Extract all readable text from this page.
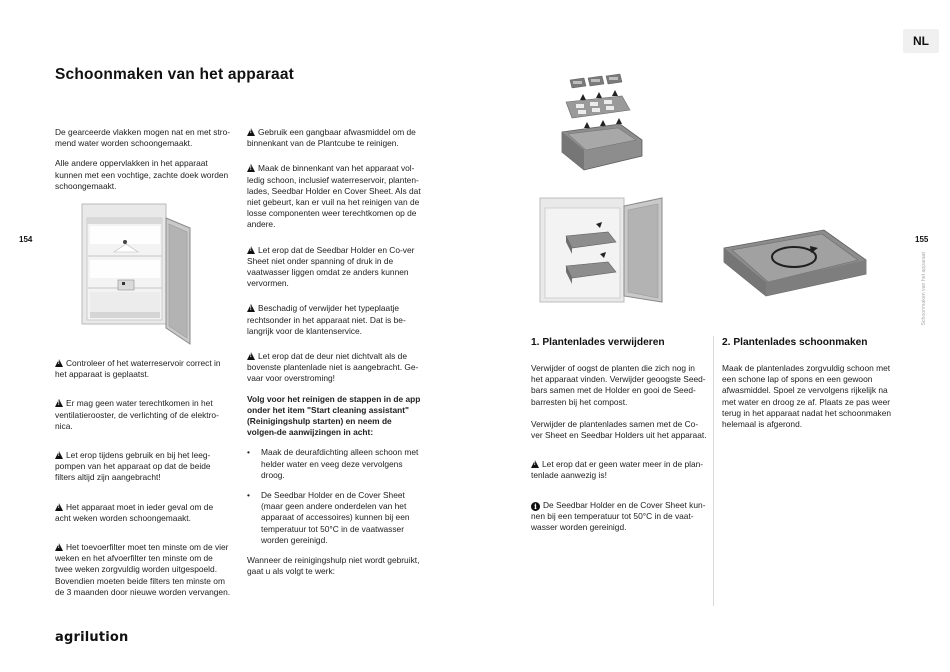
Schoonmaken van het apparaat
154

De gearceerde vlakken mogen nat en met stro-mend water worden schoongemaakt.

Alle andere oppervlakken in het apparaat kunnen met een vochtige, zachte doek worden schoongemaakt.

!Controleer of het waterreservoir correct in het apparaat is geplaatst.

!Er mag geen water terechtkomen in het ventilatierooster, de verlichting of de elektro-nica.

!Let erop tijdens gebruik en bij het leeg-pompen van het apparaat op dat de beide filters altijd zijn aangebracht!

!Het apparaat moet in ieder geval om de acht weken worden schoongemaakt.

!Het toevoerfilter moet ten minste om de vier weken en het afvoerfilter ten minste om de twee weken zorgvuldig worden uitgespoeld. Bovendien moeten beide filters ten minste om de 3 maanden door nieuwe worden vervangen.

!Gebruik een gangbaar afwasmiddel om de binnenkant van de Plantcube te reinigen.

!Maak de binnenkant van het apparaat vol-ledig schoon, inclusief waterreservoir, planten-lades, Seedbar Holder en Cover Sheet. Als dat niet gebeurt, kan er vuil na het reinigen van de losse componenten weer terechtkomen op de andere.

!Let erop dat de Seedbar Holder en Co-ver Sheet niet onder spanning of druk in de vaatwasser liggen omdat ze anders kunnen vervormen.

!Beschadig of verwijder het typeplaatje rechtsonder in het apparaat niet. Dat is be-langrijk voor de klantenservice.

!Let erop dat de deur niet dichtvalt als de bovenste plantenlade niet is aangebracht. Ge-vaar voor overstroming!

Volg voor het reinigen de stappen in de app onder het item "Start cleaning assistant" (Reinigingshulp starten) en neem de volgen-de aanwijzingen in acht:

• Maak de deurafdichting alleen schoon met helder water en veeg deze vervolgens droog.
• De Seedbar Holder en de Cover Sheet (maar geen andere onderdelen van het apparaat of accessoires) kunnen bij een temperatuur tot 50°C in de vaatwasser worden gereinigd.

Wanneer de reinigingshulp niet wordt gebruikt, gaat u als volgt te werk:

agrilution
NL
155
Schoonmaken van het apparaat
1. Plantenlades verwijderen

Verwijder of oogst de planten die zich nog in het apparaat vinden. Verwijder geoogste Seed-bars samen met de Holder en gooi de Seed-barresten bij het compost.

Verwijder de plantenlades samen met de Co-ver Sheet en Seedbar Holders uit het apparaat.

!Let erop dat er geen water meer in de plan-tenlade aanwezig is!

i De Seedbar Holder en de Cover Sheet kun-nen bij een temperatuur tot 50°C in de vaat-wasser worden gereinigd.

2. Plantenlades schoonmaken

Maak de plantenlades zorgvuldig schoon met een schone lap of spons en een gewoon afwasmiddel. Spoel ze vervolgens rijkelijk na met water en droog ze af. Plaats ze pas weer terug in het apparaat nadat het schoonmaken helemaal is afgerond.
